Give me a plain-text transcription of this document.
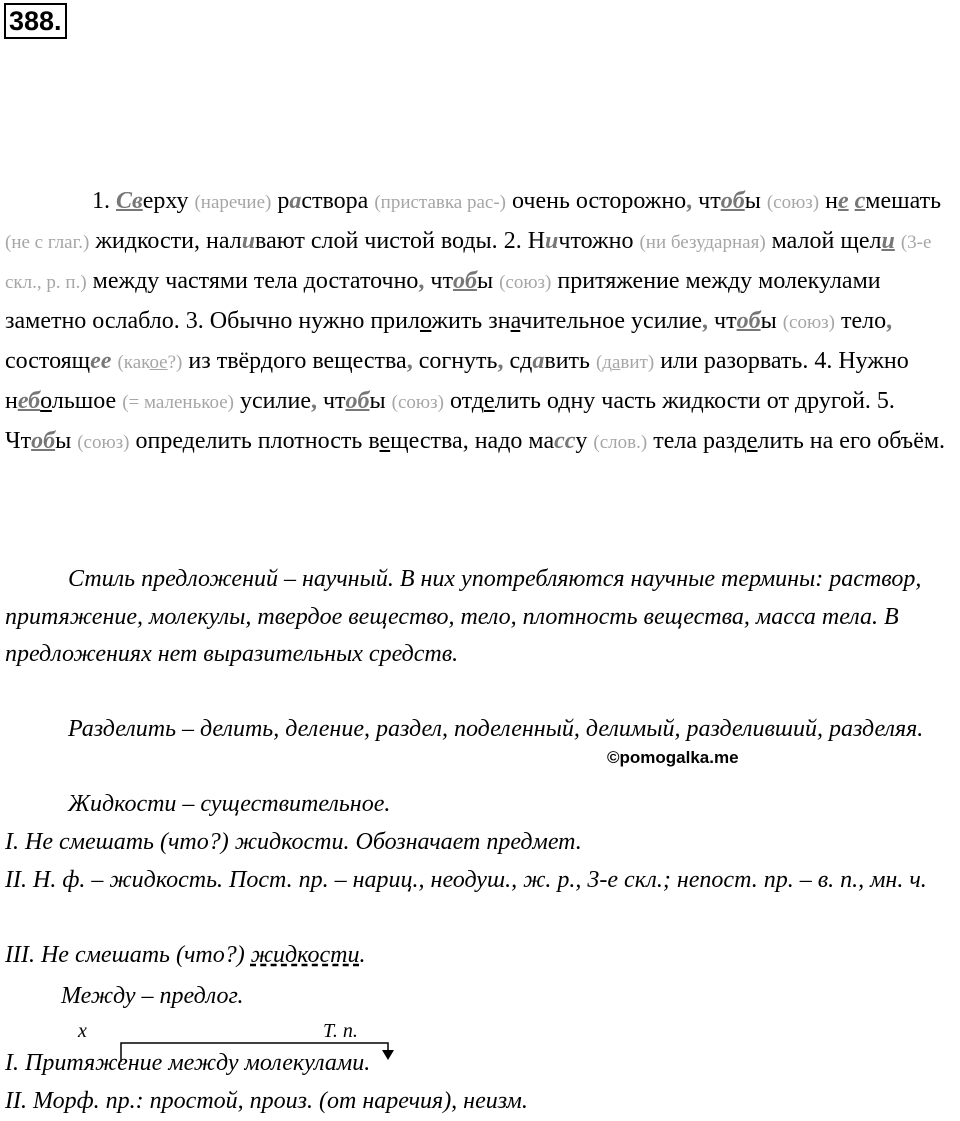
388.

1. Сверху (наречие) раствора (приставка рас-) очень осторожно, чтобы (союз) не смешать (не с глаг.) жидкости, наливают слой чистой воды. 2. Ничтожно (ни безударная) малой щели (3-е скл., р. п.) между частями тела достаточно, чтобы (союз) притяжение между молекулами заметно ослабло. 3. Обычно нужно приложить значительное усилие, чтобы (союз) тело, состоящее (какое?) из твёрдого вещества, согнуть, сдавить (давит) или разорвать. 4. Нужно небольшое (= маленькое) усилие, чтобы (союз) отделить одну часть жидкости от другой. 5. Чтобы (союз) определить плотность вещества, надо массу (слов.) тела разделить на его объём.

Стиль предложений – научный. В них употребляются научные термины: раствор, притяжение, молекулы, твердое вещество, тело, плотность вещества, масса тела. В предложениях нет выразительных средств.

Разделить – делить, деление, раздел, поделенный, делимый, разделивший, разделяя.

©pomogalka.me

Жидкости – существительное.

I. Не смешать (что?) жидкости. Обозначает предмет.

II. Н. ф. – жидкость. Пост. пр. – нариц., неодуш., ж. р., 3-е скл.; непост. пр. – в. п., мн. ч.

III. Не смешать (что?) жидкости.

Между – предлог.

х	Т. п.

I. Притяжение между молекулами.

II. Морф. пр.: простой, произ. (от наречия), неизм.
